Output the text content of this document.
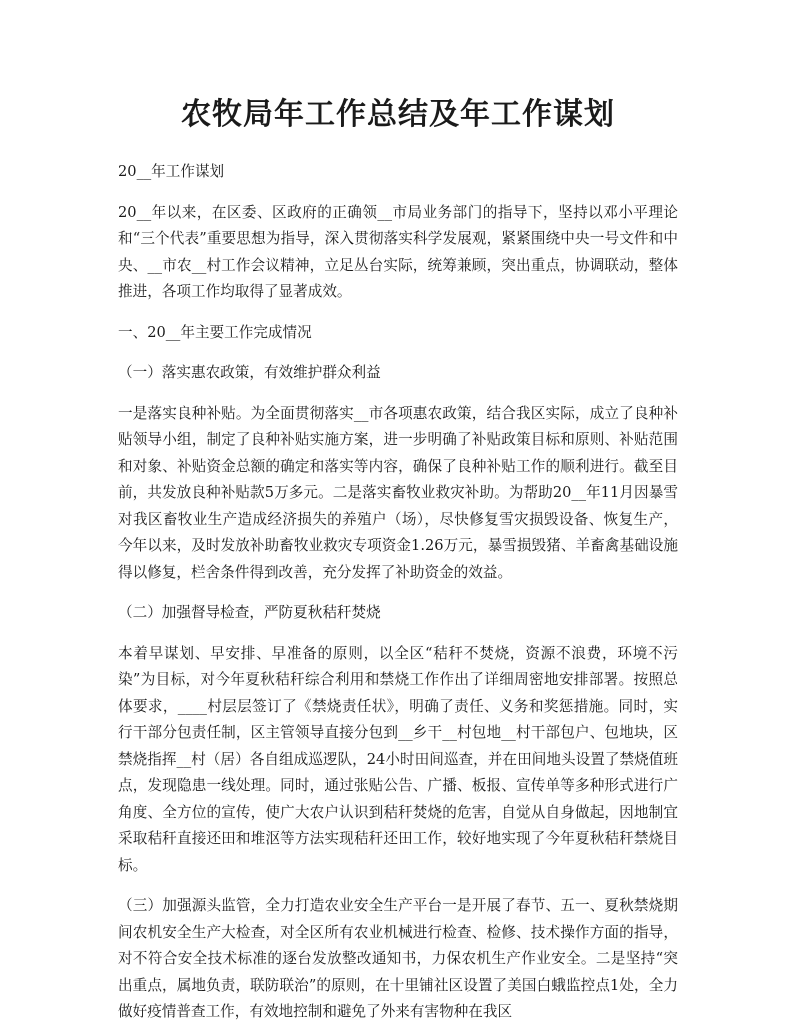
农牧局年工作总结及年工作谋划

20__年工作谋划

20__年以来，在区委、区政府的正确领__市局业务部门的指导下，坚持以邓小平理论和“三个代表”重要思想为指导，深入贯彻落实科学发展观，紧紧围绕中央一号文件和中央、__市农__村工作会议精神，立足丛台实际，统筹兼顾，突出重点，协调联动，整体推进，各项工作均取得了显著成效。

一、20__年主要工作完成情况

（一）落实惠农政策，有效维护群众利益

一是落实良种补贴。为全面贯彻落实__市各项惠农政策，结合我区实际，成立了良种补贴领导小组，制定了良种补贴实施方案，进一步明确了补贴政策目标和原则、补贴范围和对象、补贴资金总额的确定和落实等内容，确保了良种补贴工作的顺利进行。截至目前，共发放良种补贴款5万多元。二是落实畜牧业救灾补助。为帮助20__年11月因暴雪对我区畜牧业生产造成经济损失的养殖户（场），尽快修复雪灾损毁设备、恢复生产，今年以来，及时发放补助畜牧业救灾专项资金1.26万元，暴雪损毁猪、羊畜禽基础设施得以修复，栏舍条件得到改善，充分发挥了补助资金的效益。

（二）加强督导检查，严防夏秋秸秆焚烧

本着早谋划、早安排、早准备的原则，以全区“秸秆不焚烧，资源不浪费，环境不污染”为目标，对今年夏秋秸秆综合利用和禁烧工作作出了详细周密地安排部署。按照总体要求，____村层层签订了《禁烧责任状》，明确了责任、义务和奖惩措施。同时，实行干部分包责任制，区主管领导直接分包到__乡干__村包地__村干部包户、包地块，区禁烧指挥__村（居）各自组成巡逻队，24小时田间巡查，并在田间地头设置了禁烧值班点，发现隐患一线处理。同时，通过张贴公告、广播、板报、宣传单等多种形式进行广角度、全方位的宣传，使广大农户认识到秸秆焚烧的危害，自觉从自身做起，因地制宜采取秸秆直接还田和堆沤等方法实现秸秆还田工作，较好地实现了今年夏秋秸秆禁烧目标。

（三）加强源头监管，全力打造农业安全生产平台一是开展了春节、五一、夏秋禁烧期间农机安全生产大检查，对全区所有农业机械进行检查、检修、技术操作方面的指导，对不符合安全技术标准的逐台发放整改通知书，力保农机生产作业安全。二是坚持“突出重点，属地负责，联防联治”的原则，在十里铺社区设置了美国白蛾监控点1处，全力做好疫情普查工作，有效地控制和避免了外来有害物种在我区
